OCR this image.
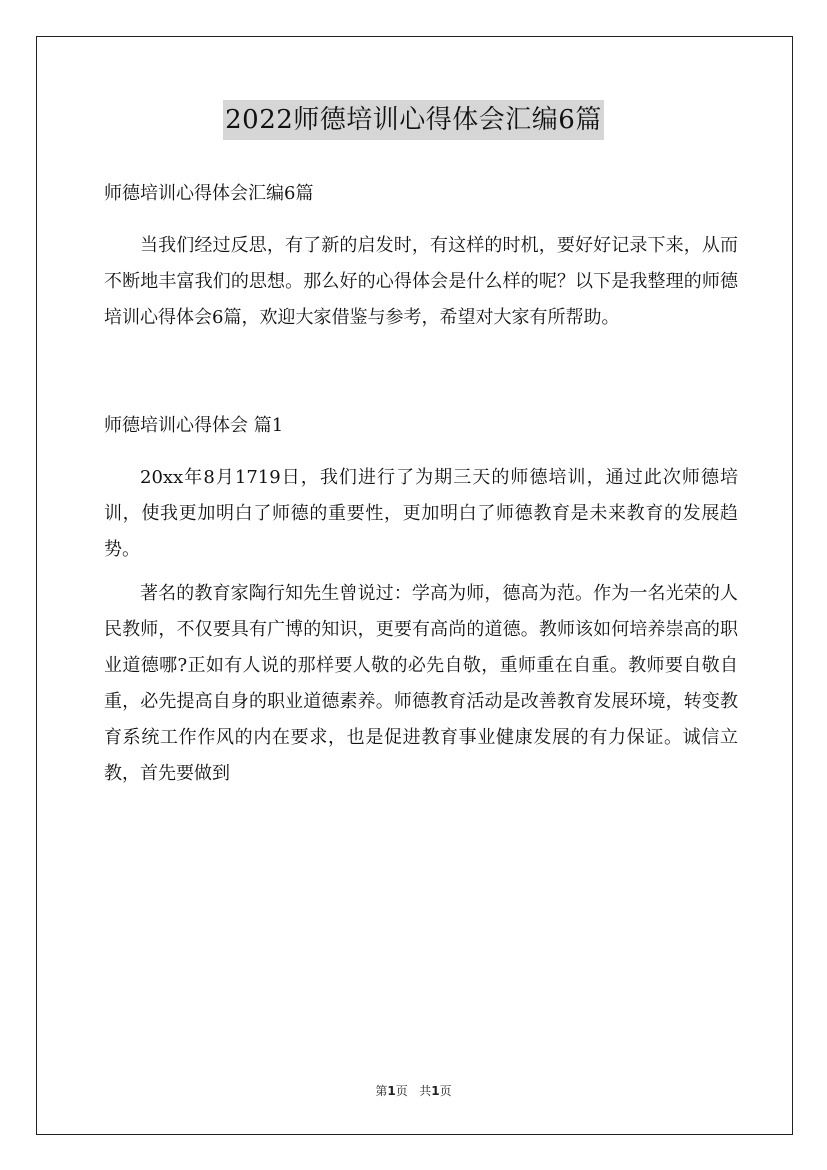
2022师德培训心得体会汇编6篇

师德培训心得体会汇编6篇

当我们经过反思，有了新的启发时，有这样的时机，要好好记录下来，从而不断地丰富我们的思想。那么好的心得体会是什么样的呢？以下是我整理的师德培训心得体会6篇，欢迎大家借鉴与参考，希望对大家有所帮助。

师德培训心得体会 篇1

20xx年8月1719日，我们进行了为期三天的师德培训，通过此次师德培训，使我更加明白了师德的重要性，更加明白了师德教育是未来教育的发展趋势。

著名的教育家陶行知先生曾说过：学高为师，德高为范。作为一名光荣的人民教师，不仅要具有广博的知识，更要有高尚的道德。教师该如何培养崇高的职业道德哪?正如有人说的那样要人敬的必先自敬，重师重在自重。教师要自敬自重，必先提高自身的职业道德素养。师德教育活动是改善教育发展环境，转变教育系统工作作风的内在要求，也是促进教育事业健康发展的有力保证。诚信立教，首先要做到

第1页 共1页
